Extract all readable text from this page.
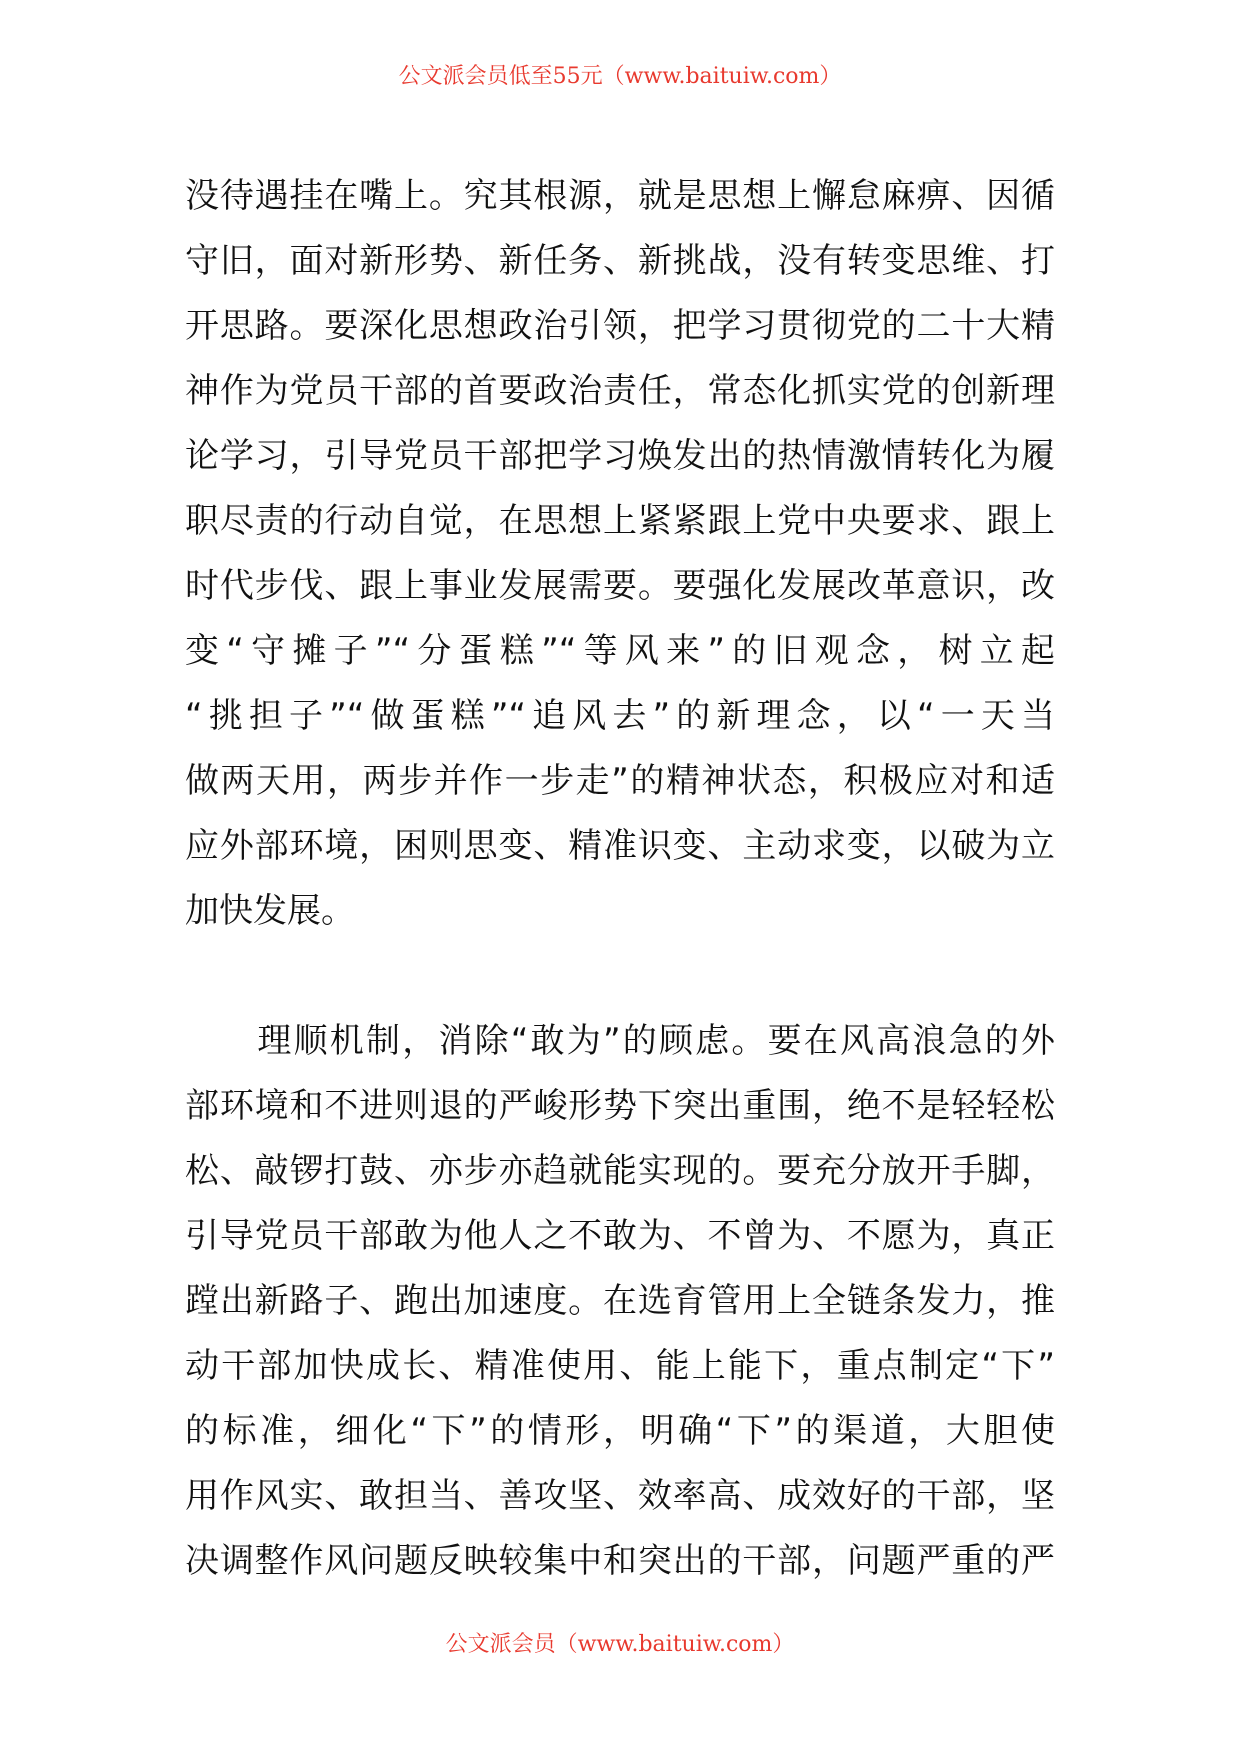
公文派会员低至55元（www.baituiw.com）
没待遇挂在嘴上。究其根源，就是思想上懈怠麻痹、因循
守旧，面对新形势、新任务、新挑战，没有转变思维、打
开思路。要深化思想政治引领，把学习贯彻党的二十大精
神作为党员干部的首要政治责任，常态化抓实党的创新理
论学习，引导党员干部把学习焕发出的热情激情转化为履
职尽责的行动自觉，在思想上紧紧跟上党中央要求、跟上
时代步伐、跟上事业发展需要。要强化发展改革意识，改
变“守摊子”“分蛋糕”“等风来”的旧观念，树立起
“挑担子”“做蛋糕”“追风去”的新理念，以“一天当
做两天用，两步并作一步走”的精神状态，积极应对和适
应外部环境，困则思变、精准识变、主动求变，以破为立
加快发展。
　　理顺机制，消除“敢为”的顾虑。要在风高浪急的外
部环境和不进则退的严峻形势下突出重围，绝不是轻轻松
松、敲锣打鼓、亦步亦趋就能实现的。要充分放开手脚，
引导党员干部敢为他人之不敢为、不曾为、不愿为，真正
蹚出新路子、跑出加速度。在选育管用上全链条发力，推
动干部加快成长、精准使用、能上能下，重点制定“下”
的标准，细化“下”的情形，明确“下”的渠道，大胆使
用作风实、敢担当、善攻坚、效率高、成效好的干部，坚
决调整作风问题反映较集中和突出的干部，问题严重的严
公文派会员（www.baituiw.com）
